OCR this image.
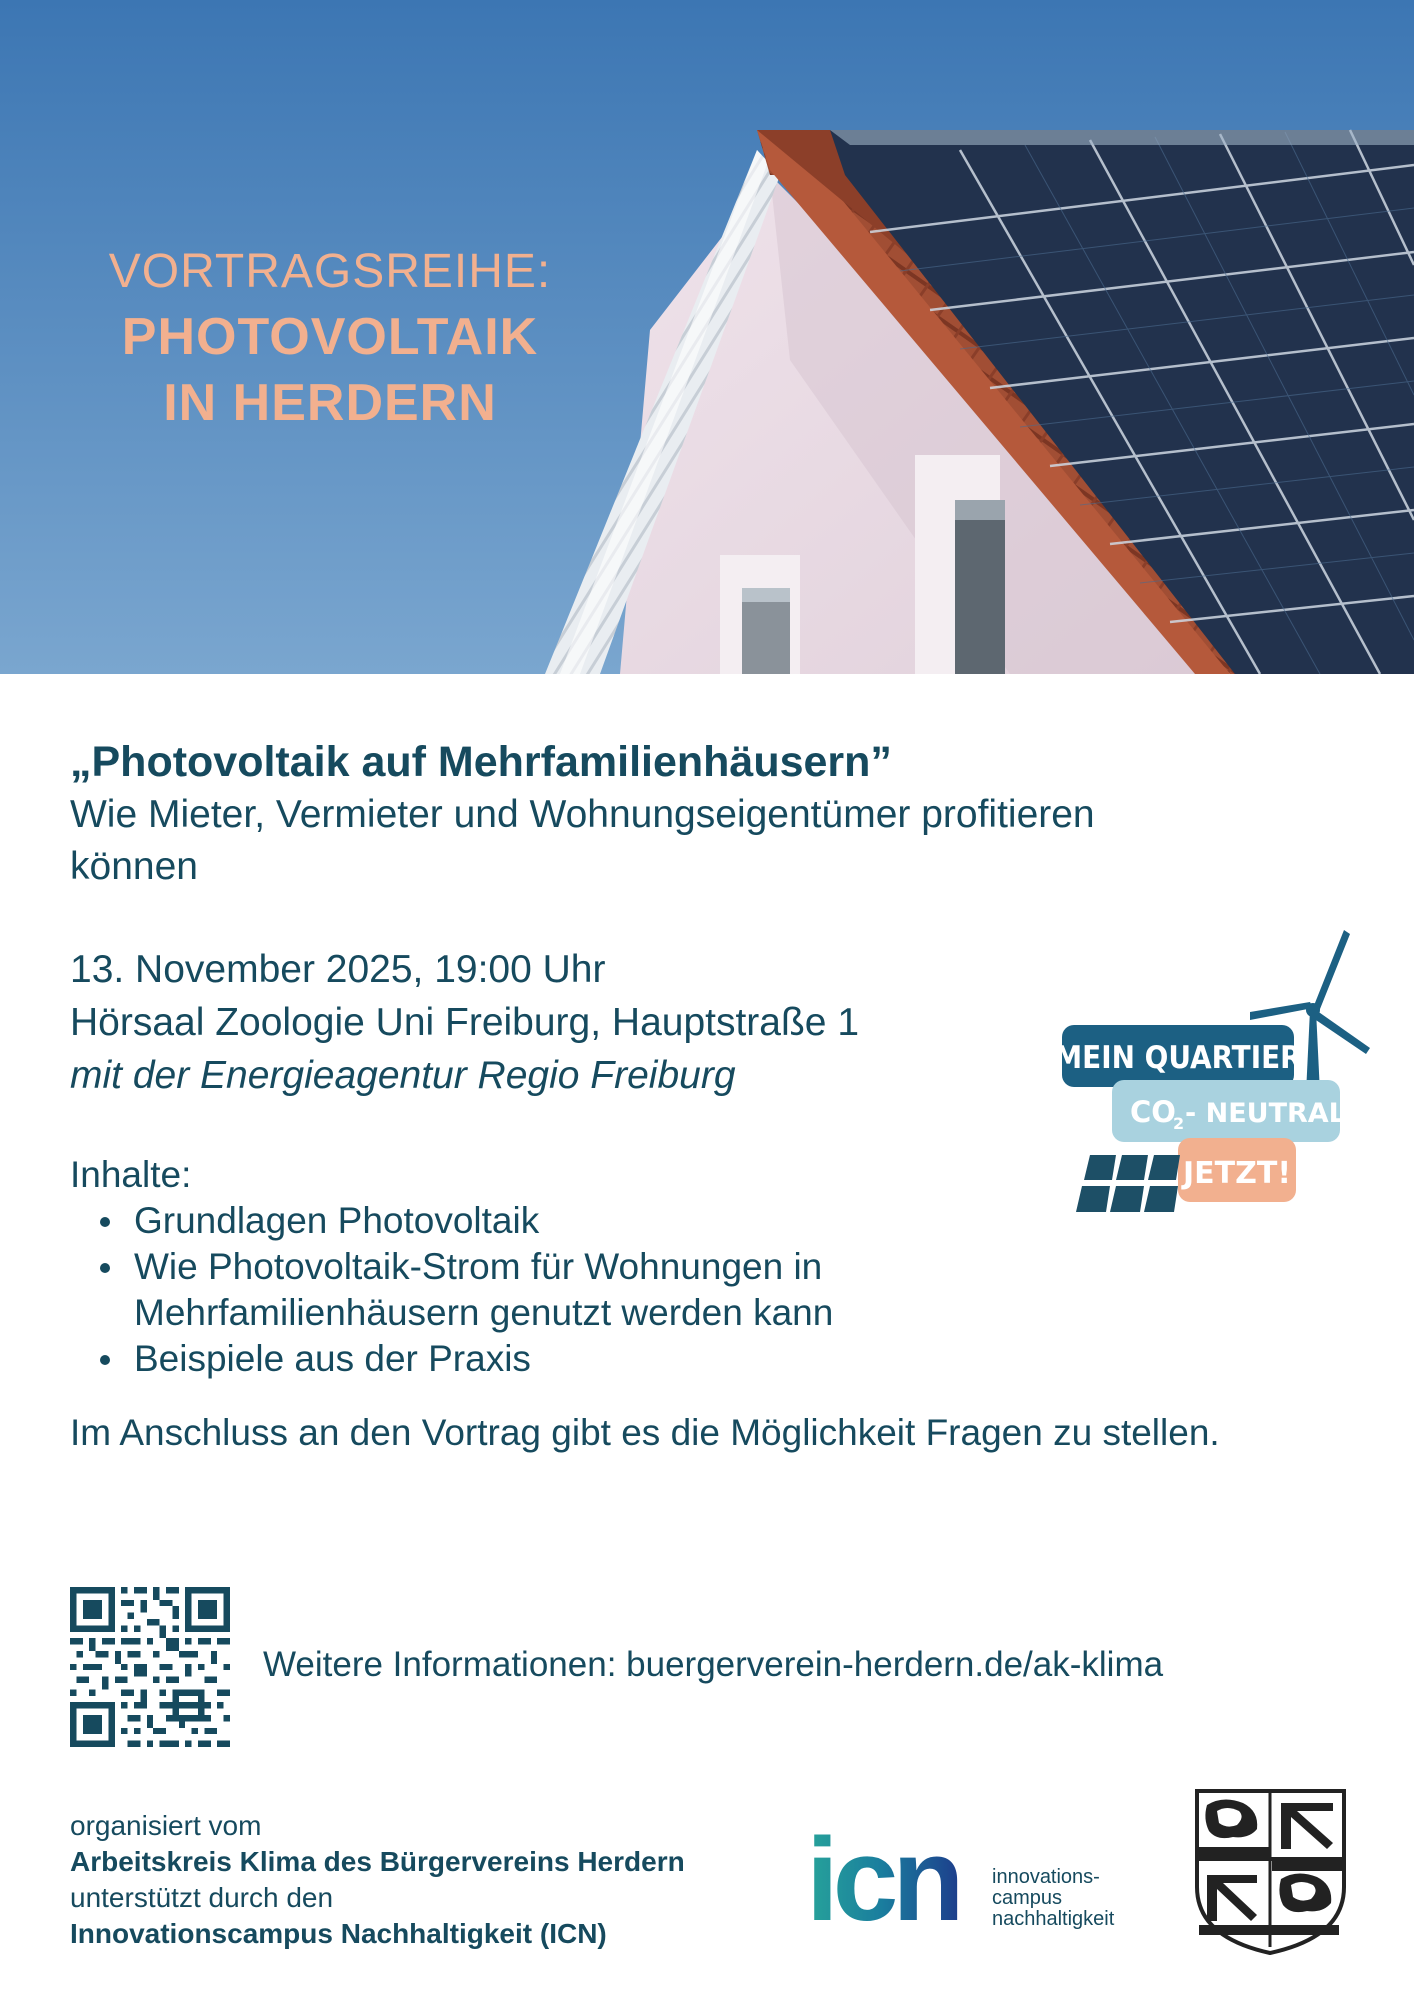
VORTRAGSREIHE:
PHOTOVOLTAIK
IN HERDERN
„Photovoltaik auf Mehrfamilienhäusern”
Wie Mieter, Vermieter und Wohnungseigentümer profitieren können
13. November 2025, 19:00 Uhr
Hörsaal Zoologie Uni Freiburg, Hauptstraße 1
mit der Energieagentur Regio Freiburg
Inhalte:
Grundlagen Photovoltaik
Wie Photovoltaik-Strom für Wohnungen in Mehrfamilienhäusern genutzt werden kann
Beispiele aus der Praxis
Im Anschluss an den Vortrag gibt es die Möglichkeit Fragen zu stellen.
MEIN QUARTIER
CO
2 - NEUTRAL
JETZT!
Weitere Informationen: buergerverein-herdern.de/ak-klima
organisiert vom
Arbeitskreis Klima des Bürgervereins Herdern
unterstützt durch den
Innovationscampus Nachhaltigkeit (ICN)	icn innovations-
campus
nachhaltigkeit
